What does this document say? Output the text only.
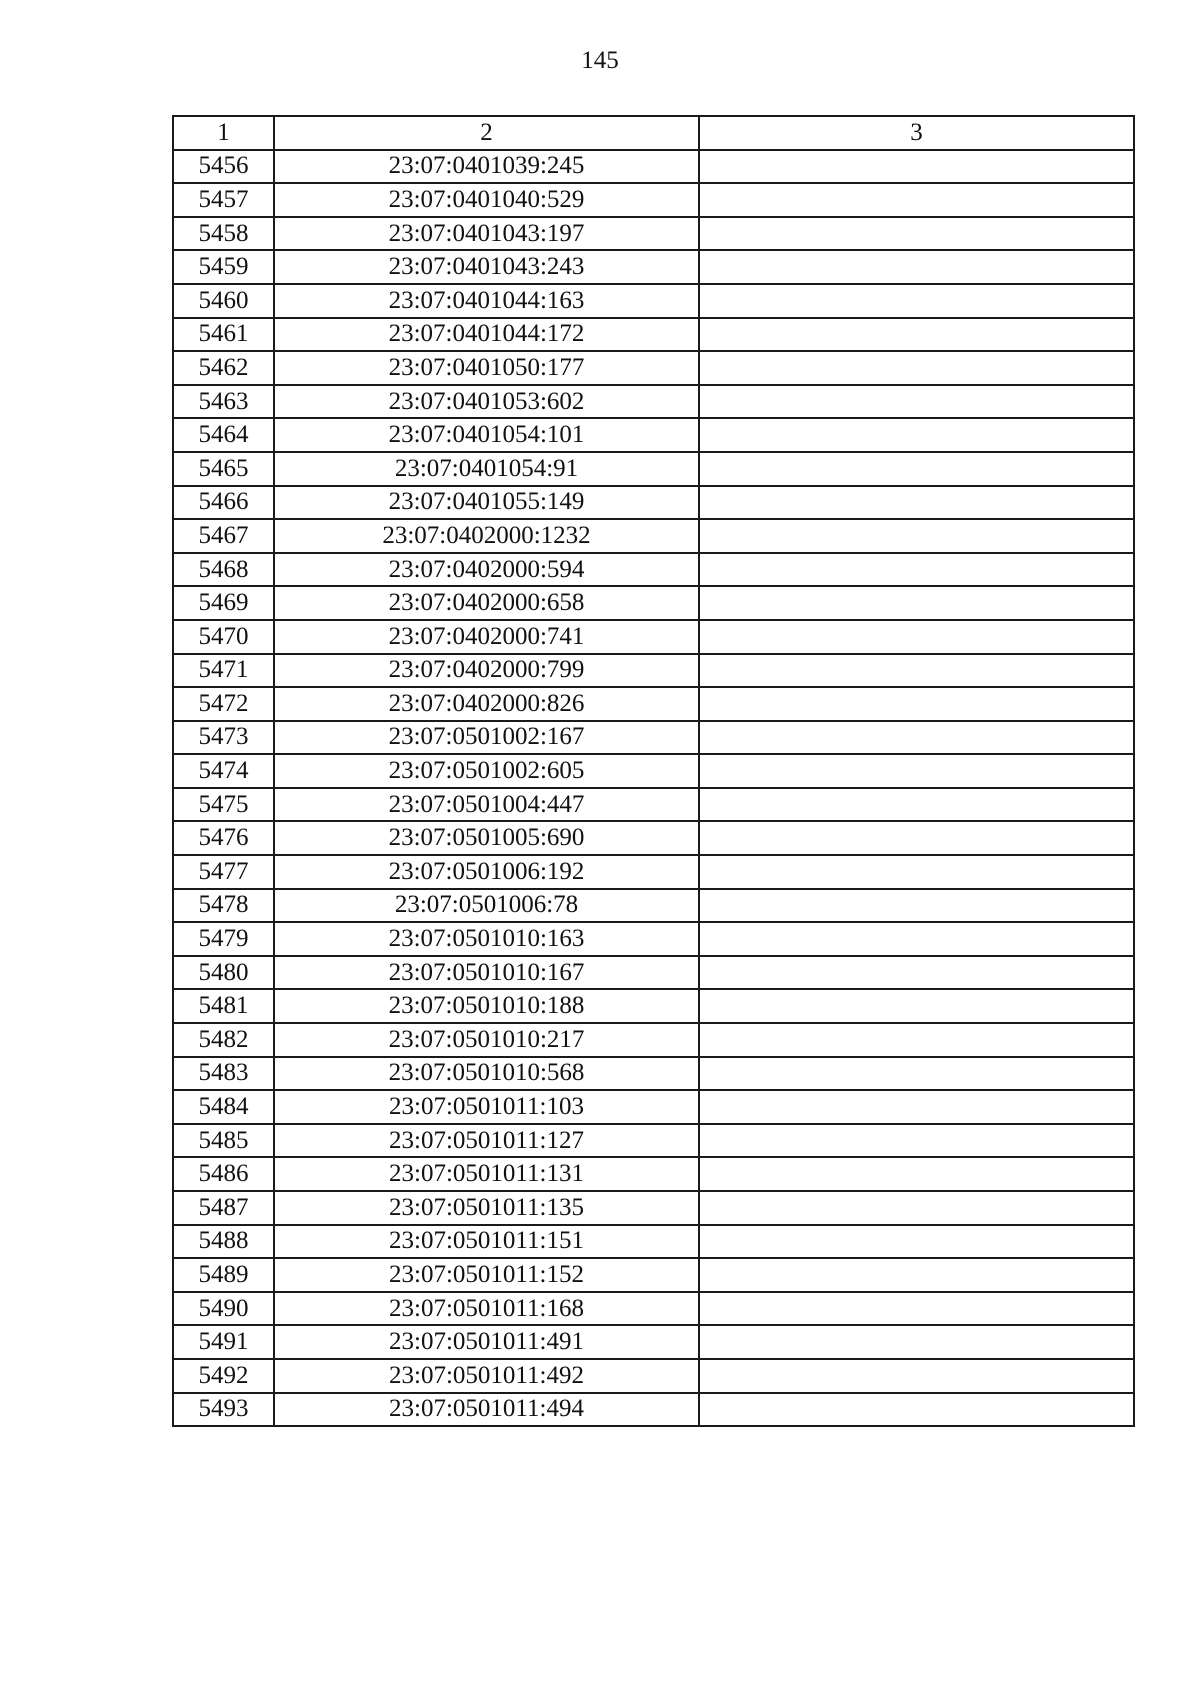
145
1	2	3
5456	23:07:0401039:245	
5457	23:07:0401040:529	
5458	23:07:0401043:197	
5459	23:07:0401043:243	
5460	23:07:0401044:163	
5461	23:07:0401044:172	
5462	23:07:0401050:177	
5463	23:07:0401053:602	
5464	23:07:0401054:101	
5465	23:07:0401054:91	
5466	23:07:0401055:149	
5467	23:07:0402000:1232	
5468	23:07:0402000:594	
5469	23:07:0402000:658	
5470	23:07:0402000:741	
5471	23:07:0402000:799	
5472	23:07:0402000:826	
5473	23:07:0501002:167	
5474	23:07:0501002:605	
5475	23:07:0501004:447	
5476	23:07:0501005:690	
5477	23:07:0501006:192	
5478	23:07:0501006:78	
5479	23:07:0501010:163	
5480	23:07:0501010:167	
5481	23:07:0501010:188	
5482	23:07:0501010:217	
5483	23:07:0501010:568	
5484	23:07:0501011:103	
5485	23:07:0501011:127	
5486	23:07:0501011:131	
5487	23:07:0501011:135	
5488	23:07:0501011:151	
5489	23:07:0501011:152	
5490	23:07:0501011:168	
5491	23:07:0501011:491	
5492	23:07:0501011:492	
5493	23:07:0501011:494	
